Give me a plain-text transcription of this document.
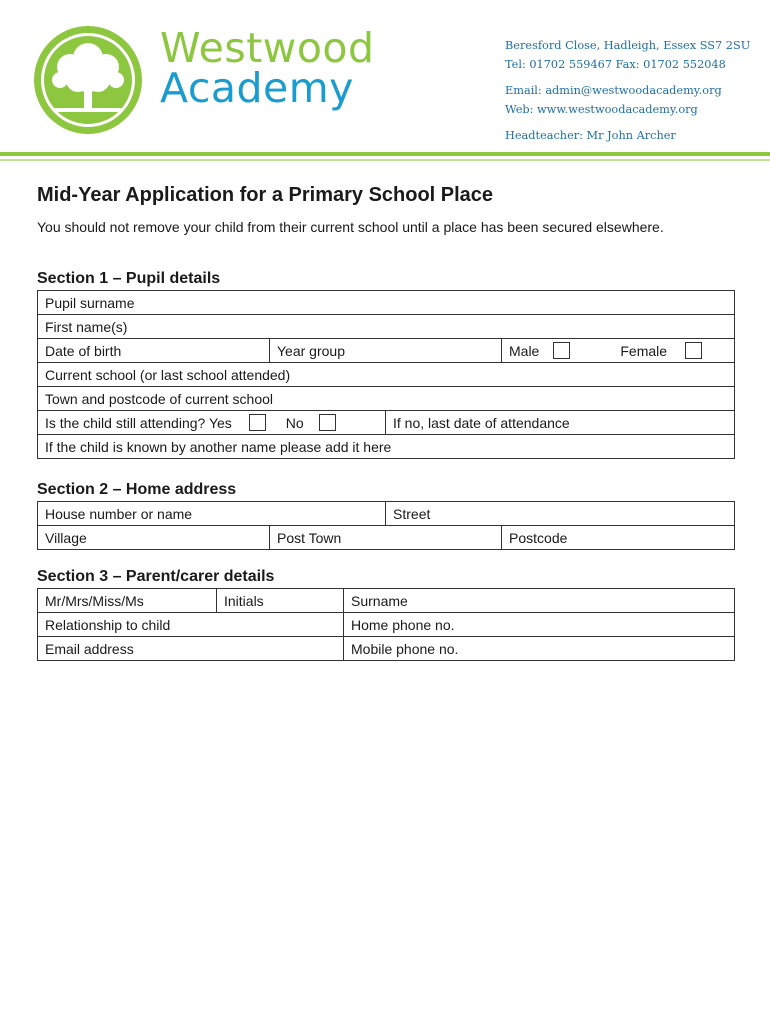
Westwood
Academy
Beresford Close, Hadleigh, Essex SS7 2SU
Tel: 01702 559467 Fax: 01702 552048
Email: admin@westwoodacademy.org
Web: www.westwoodacademy.org
Headteacher: Mr John Archer
Mid-Year Application for a Primary School Place
You should not remove your child from their current school until a place has been secured elsewhere.
Section 1 – Pupil details
Pupil surname			
First name(s)			
Date of birth	Year group		Male Female

Current school (or last school attended)			
Town and postcode of current school			

Is the child still attending? Yes No		If no, last date of attendance	
If the child is known by another name please add it here			
Section 2 – Home address
House number or name		Street	
Village	Post Town		Postcode
Section 3 – Parent/carer details
Mr/Mrs/Miss/Ms	Initials	Surname
Relationship to child		Home phone no.
Email address		Mobile phone no.
